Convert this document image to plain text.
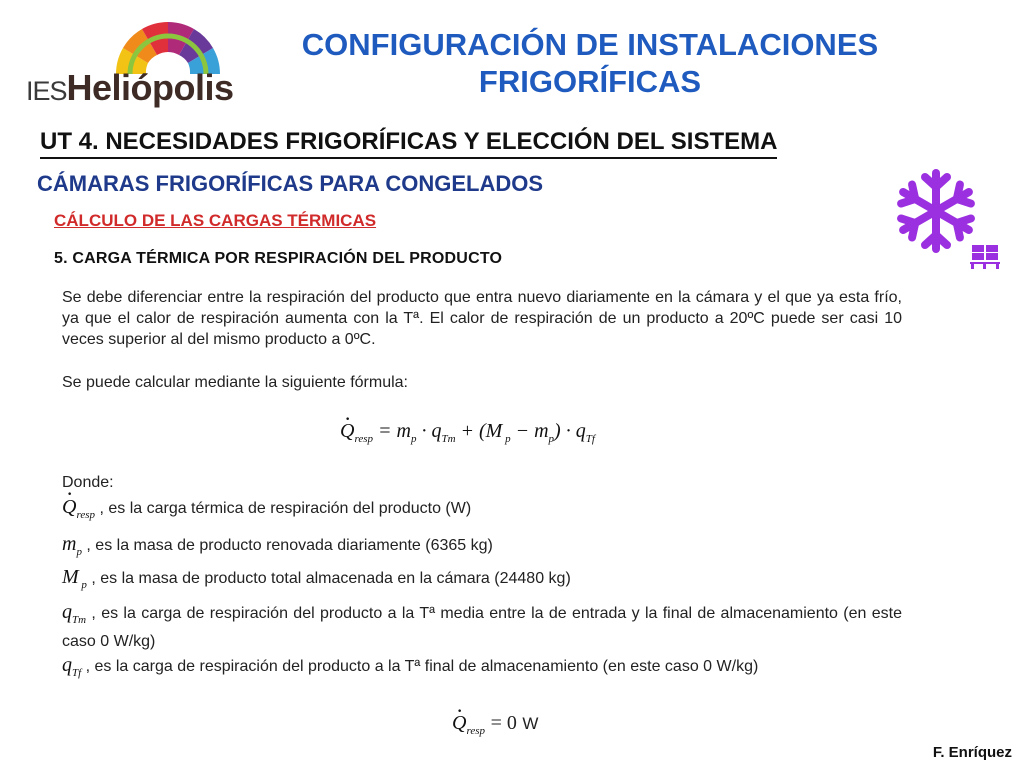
IESHeliópolis
CONFIGURACIÓN DE INSTALACIONES
FRIGORÍFICAS
UT 4. NECESIDADES FRIGORÍFICAS Y ELECCIÓN DEL SISTEMA
CÁMARAS FRIGORÍFICAS PARA CONGELADOS
CÁLCULO DE LAS CARGAS TÉRMICAS
5. CARGA TÉRMICA POR RESPIRACIÓN DEL PRODUCTO
Se debe diferenciar entre la respiración del producto que entra nuevo diariamente en la cámara y el que ya esta frío, ya que el calor de respiración aumenta con la Tª. El calor de respiración de un producto a 20ºC puede ser casi 10 veces superior al del mismo producto a 0ºC.
Se puede calcular mediante la siguiente fórmula:
· $Q_{resp} = m_p \cdot q_{Tm} + (M$ $_p - m_p) \cdot q_{Tf}$
Donde:
· $Q_{resp}$ , es la carga térmica de respiración del producto (W)
$m_p$ , es la masa de producto renovada diariamente (6365 kg)
M $_p$ , es la masa de producto total almacenada en la cámara (24480 kg)
$q_{Tm}$ , es la carga de respiración del producto a la Tª media entre la de entrada y la final de almacenamiento (en este caso 0 W/kg)
$q_{Tf}$ , es la carga de respiración del producto a la Tª final de almacenamiento (en este caso 0 W/kg)
· $Q_{resp} = 0$ W
F. Enríquez
